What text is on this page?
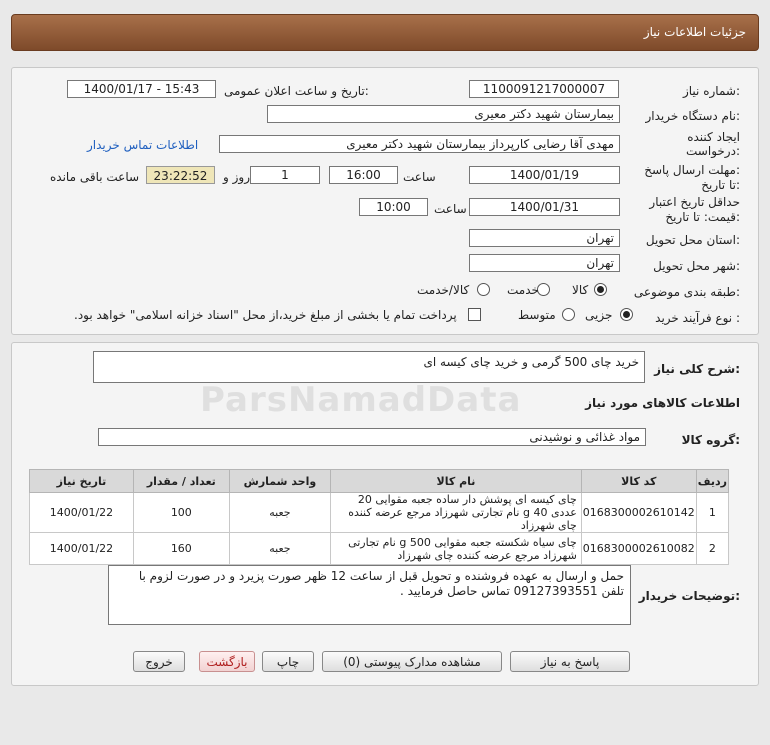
جزئیات اطلاعات نیاز
شماره نیاز:
1100091217000007
تاریخ و ساعت اعلان عمومی:
1400/01/17 - 15:43
نام دستگاه خریدار:
بیمارستان شهید دکتر معیری
ایجاد کننده
درخواست:
مهدی آقا رضایی کارپرداز بیمارستان شهید دکتر معیری
اطلاعات تماس خریدار
مهلت ارسال پاسخ:
تا تاریخ:
1400/01/19
ساعت
16:00
1
روز و
23:22:52
ساعت باقی مانده
حداقل تاریخ اعتبار
قیمت: تا تاریخ:
1400/01/31
ساعت
10:00
استان محل تحویل:
تهران
شهر محل تحویل:
تهران
طبقه بندی موضوعی:
کالا
خدمت
کالا/خدمت
نوع فرآیند خرید :
جزیی
متوسط
پرداخت تمام یا بخشی از مبلغ خرید،از محل "اسناد خزانه اسلامی" خواهد بود.
شرح کلی نیاز:
خرید چای 500 گرمی و خرید چای کیسه ای
اطلاعات کالاهای مورد نیاز
ParsNamadData
گروه کالا:
مواد غذائی و نوشیدنی
ردیف	کد کالا	نام کالا	واحد شمارش	تعداد / مقدار	تاریخ نیاز
1	0168300002610142	چای کیسه ای پوشش دار ساده جعبه مقوایی 20 عددی 40 g نام تجارتی شهرزاد مرجع عرضه کننده چای شهرزاد	جعبه	100	1400/01/22
2	0168300002610082	چای سیاه شکسته جعبه مقوایی 500 g نام تجارتی شهرزاد مرجع عرضه کننده چای شهرزاد	جعبه	160	1400/01/22
توضیحات خریدار:
حمل و ارسال به عهده فروشنده و تحویل قبل از ساعت 12 ظهر صورت پزیرد و در صورت لزوم با تلفن 09127393551 تماس حاصل فرمایید .
پاسخ به نیاز
مشاهده مدارک پیوستی (0)
چاپ
بازگشت
خروج
